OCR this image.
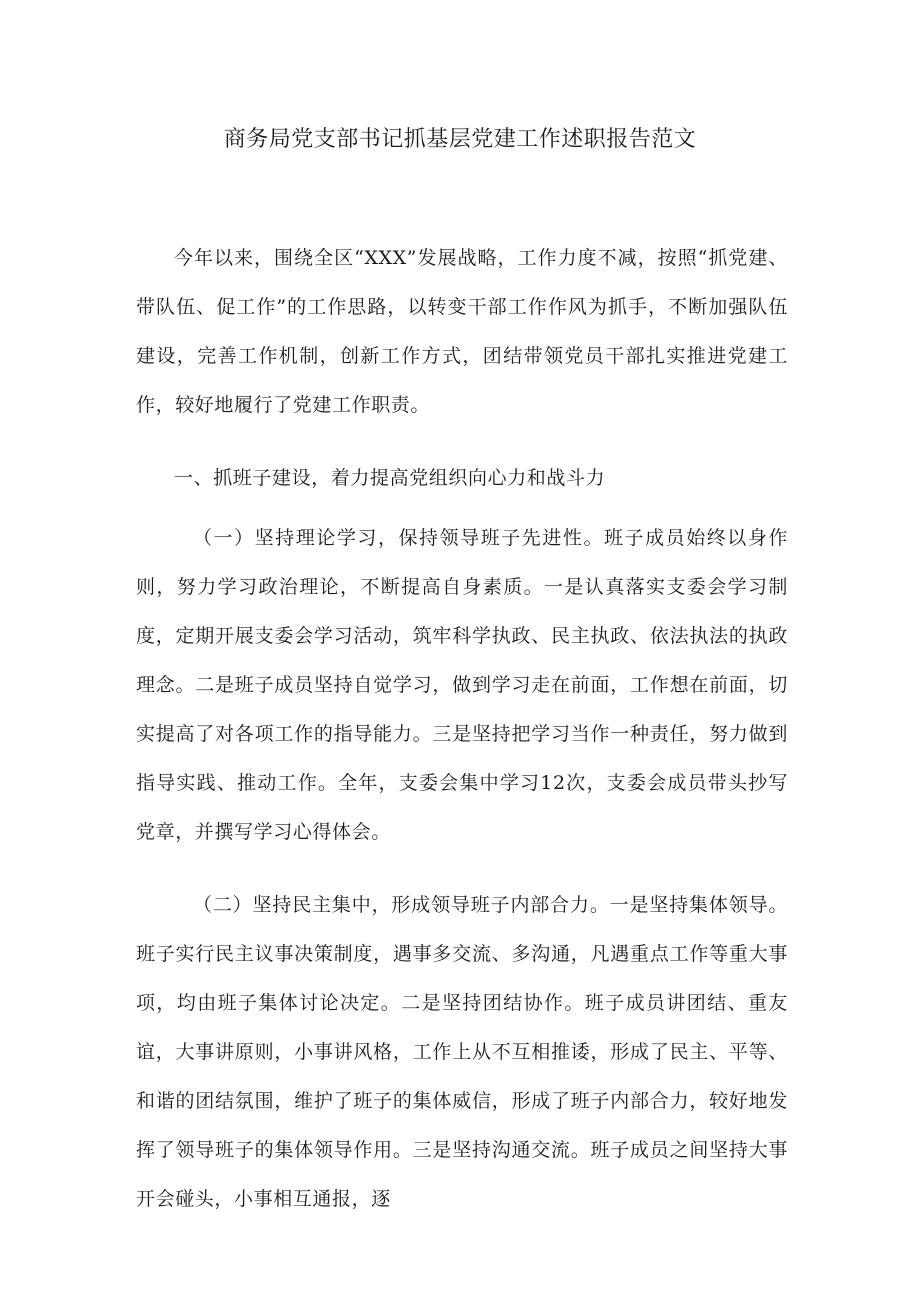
商务局党支部书记抓基层党建工作述职报告范文

今年以来，围绕全区“XXX”发展战略，工作力度不减，按照“抓党建、带队伍、促工作”的工作思路，以转变干部工作作风为抓手，不断加强队伍建设，完善工作机制，创新工作方式，团结带领党员干部扎实推进党建工作，较好地履行了党建工作职责。

一、抓班子建设，着力提高党组织向心力和战斗力

（一）坚持理论学习，保持领导班子先进性。班子成员始终以身作则，努力学习政治理论，不断提高自身素质。一是认真落实支委会学习制度，定期开展支委会学习活动，筑牢科学执政、民主执政、依法执法的执政理念。二是班子成员坚持自觉学习，做到学习走在前面，工作想在前面，切实提高了对各项工作的指导能力。三是坚持把学习当作一种责任，努力做到指导实践、推动工作。全年，支委会集中学习12次，支委会成员带头抄写党章，并撰写学习心得体会。

（二）坚持民主集中，形成领导班子内部合力。一是坚持集体领导。班子实行民主议事决策制度，遇事多交流、多沟通，凡遇重点工作等重大事项，均由班子集体讨论决定。二是坚持团结协作。班子成员讲团结、重友谊，大事讲原则，小事讲风格，工作上从不互相推诿，形成了民主、平等、和谐的团结氛围，维护了班子的集体威信，形成了班子内部合力，较好地发挥了领导班子的集体领导作用。三是坚持沟通交流。班子成员之间坚持大事开会碰头，小事相互通报，逐
